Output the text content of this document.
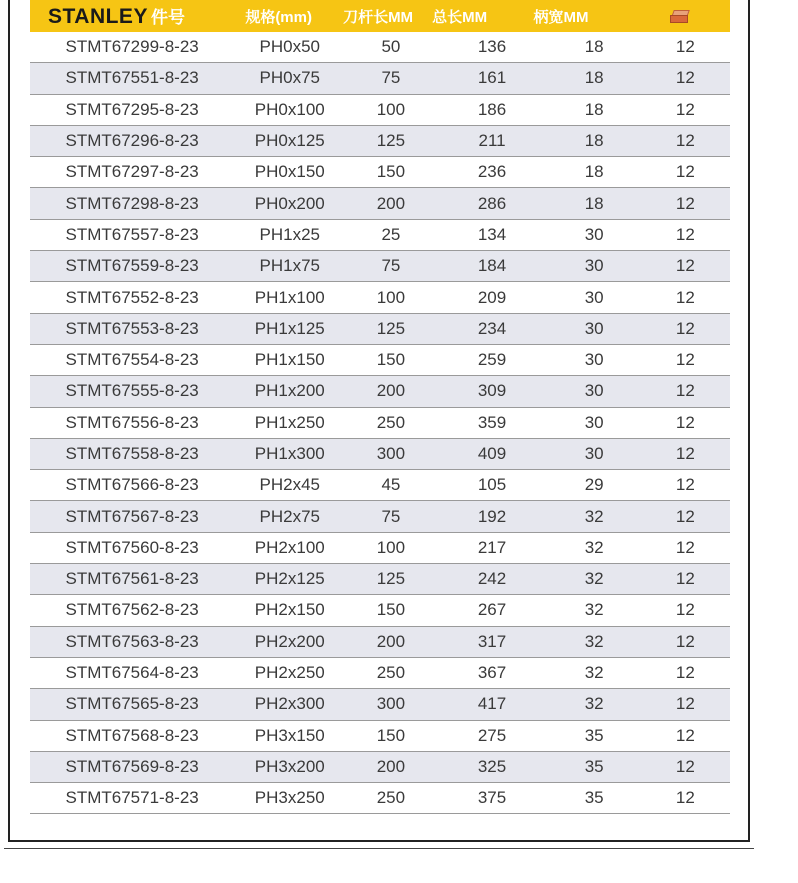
STANLEY 件号	规格(mm)	刀杆长MM	总长MM	柄宽MM
STMT67299-8-23	PH0x50	50	136	18	12
STMT67551-8-23	PH0x75	75	161	18	12
STMT67295-8-23	PH0x100	100	186	18	12
STMT67296-8-23	PH0x125	125	211	18	12
STMT67297-8-23	PH0x150	150	236	18	12
STMT67298-8-23	PH0x200	200	286	18	12
STMT67557-8-23	PH1x25	25	134	30	12
STMT67559-8-23	PH1x75	75	184	30	12
STMT67552-8-23	PH1x100	100	209	30	12
STMT67553-8-23	PH1x125	125	234	30	12
STMT67554-8-23	PH1x150	150	259	30	12
STMT67555-8-23	PH1x200	200	309	30	12
STMT67556-8-23	PH1x250	250	359	30	12
STMT67558-8-23	PH1x300	300	409	30	12
STMT67566-8-23	PH2x45	45	105	29	12
STMT67567-8-23	PH2x75	75	192	32	12
STMT67560-8-23	PH2x100	100	217	32	12
STMT67561-8-23	PH2x125	125	242	32	12
STMT67562-8-23	PH2x150	150	267	32	12
STMT67563-8-23	PH2x200	200	317	32	12
STMT67564-8-23	PH2x250	250	367	32	12
STMT67565-8-23	PH2x300	300	417	32	12
STMT67568-8-23	PH3x150	150	275	35	12
STMT67569-8-23	PH3x200	200	325	35	12
STMT67571-8-23	PH3x250	250	375	35	12
